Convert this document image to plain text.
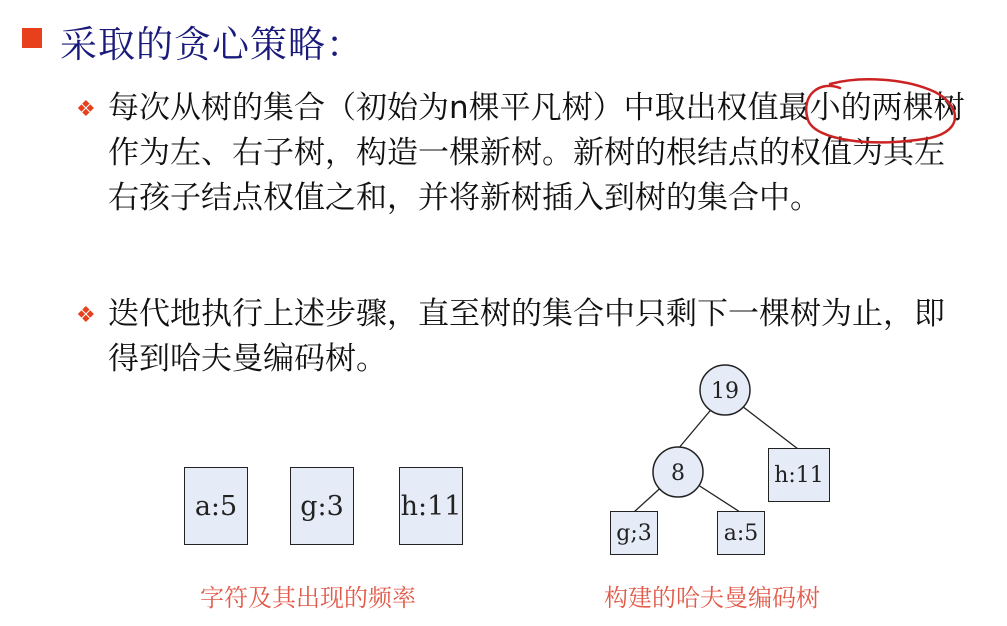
采取的贪心策略：
❖ 每次从树的集合（初始为n棵平凡树）中取出权值最小的两棵树作为左、右子树，构造一棵新树。新树的根结点的权值为其左右孩子结点权值之和，并将新树插入到树的集合中。
❖ 迭代地执行上述步骤，直至树的集合中只剩下一棵树为止，即得到哈夫曼编码树。
a:5	g:3	h:11
19
8	h:11
g;3	a:5
字符及其出现的频率	构建的哈夫曼编码树
